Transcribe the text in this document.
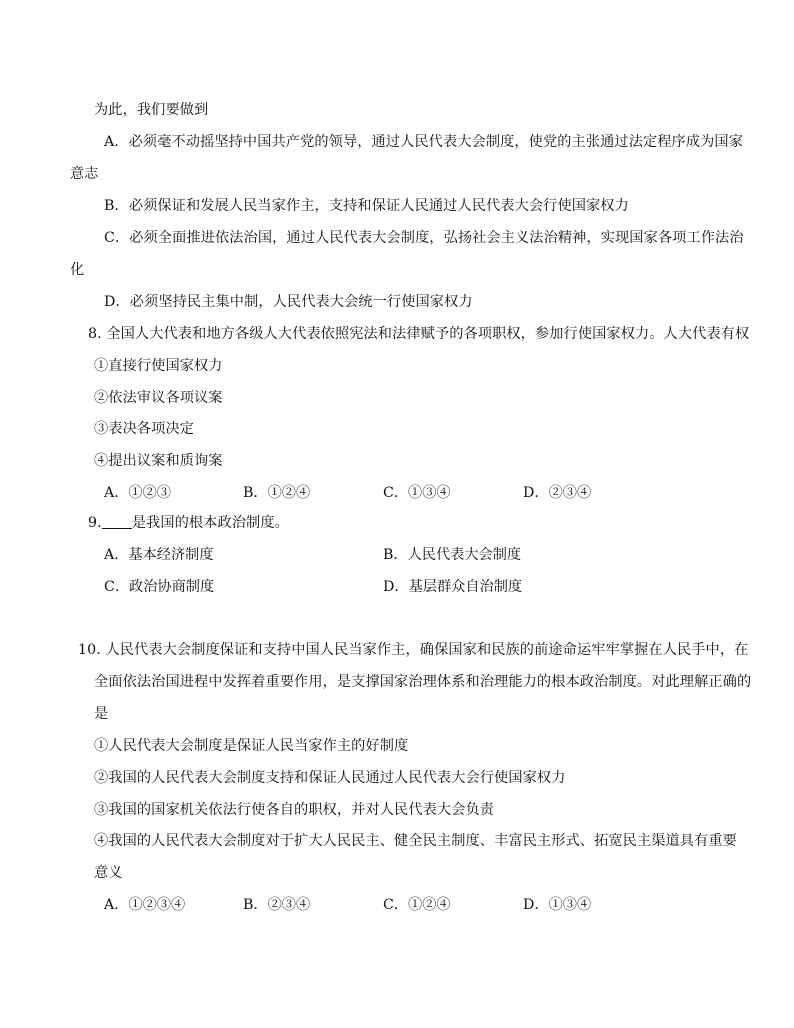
为此，我们要做到
A．必须毫不动摇坚持中国共产党的领导，通过人民代表大会制度，使党的主张通过法定程序成为国家
意志
B．必须保证和发展人民当家作主，支持和保证人民通过人民代表大会行使国家权力
C．必须全面推进依法治国，通过人民代表大会制度，弘扬社会主义法治精神，实现国家各项工作法治
化
D．必须坚持民主集中制，人民代表大会统一行使国家权力
8. 全国人大代表和地方各级人大代表依照宪法和法律赋予的各项职权，参加行使国家权力。人大代表有权
①直接行使国家权力
②依法审议各项议案
③表决各项决定
④提出议案和质询案
A．①②③	B．①②④	C．①③④	D．②③④
9. 是我国的根本政治制度。
A．基本经济制度	B．人民代表大会制度
C．政治协商制度	D．基层群众自治制度
10. 人民代表大会制度保证和支持中国人民当家作主，确保国家和民族的前途命运牢牢掌握在人民手中，在
全面依法治国进程中发挥着重要作用，是支撑国家治理体系和治理能力的根本政治制度。对此理解正确的
是
①人民代表大会制度是保证人民当家作主的好制度
②我国的人民代表大会制度支持和保证人民通过人民代表大会行使国家权力
③我国的国家机关依法行使各自的职权，并对人民代表大会负责
④我国的人民代表大会制度对于扩大人民民主、健全民主制度、丰富民主形式、拓宽民主渠道具有重要
意义
A．①②③④	B．②③④	C．①②④	D．①③④
